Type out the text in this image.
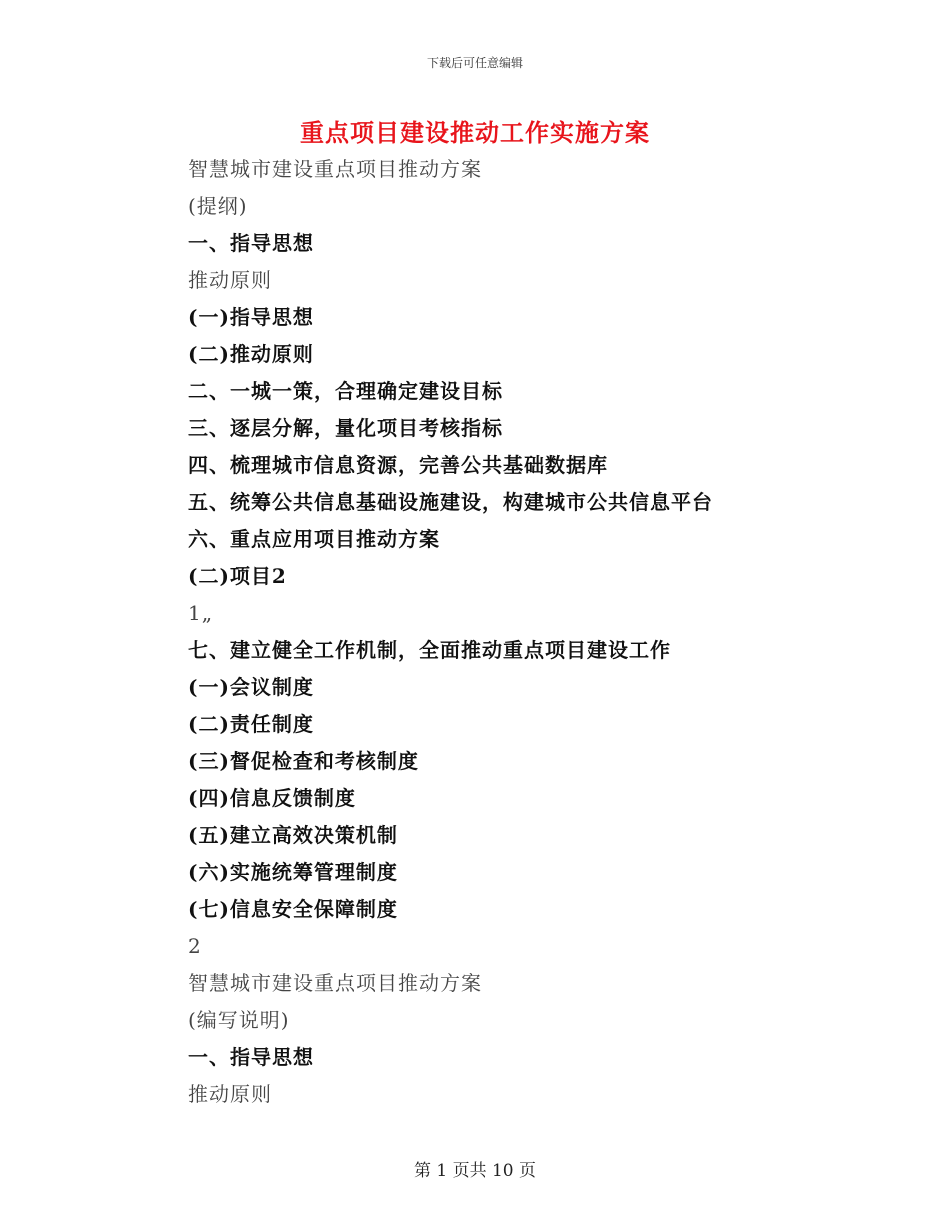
下载后可任意编辑
重点项目建设推动工作实施方案
智慧城市建设重点项目推动方案
(提纲)
一、指导思想
推动原则
(一)指导思想
(二)推动原则
二、一城一策，合理确定建设目标
三、逐层分解，量化项目考核指标
四、梳理城市信息资源，完善公共基础数据库
五、统筹公共信息基础设施建设，构建城市公共信息平台
六、重点应用项目推动方案
(二)项目2
1„
七、建立健全工作机制，全面推动重点项目建设工作
(一)会议制度
(二)责任制度
(三)督促检查和考核制度
(四)信息反馈制度
(五)建立高效决策机制
(六)实施统筹管理制度
(七)信息安全保障制度
2
智慧城市建设重点项目推动方案
(编写说明)
一、指导思想
推动原则
第 1 页共 10 页
